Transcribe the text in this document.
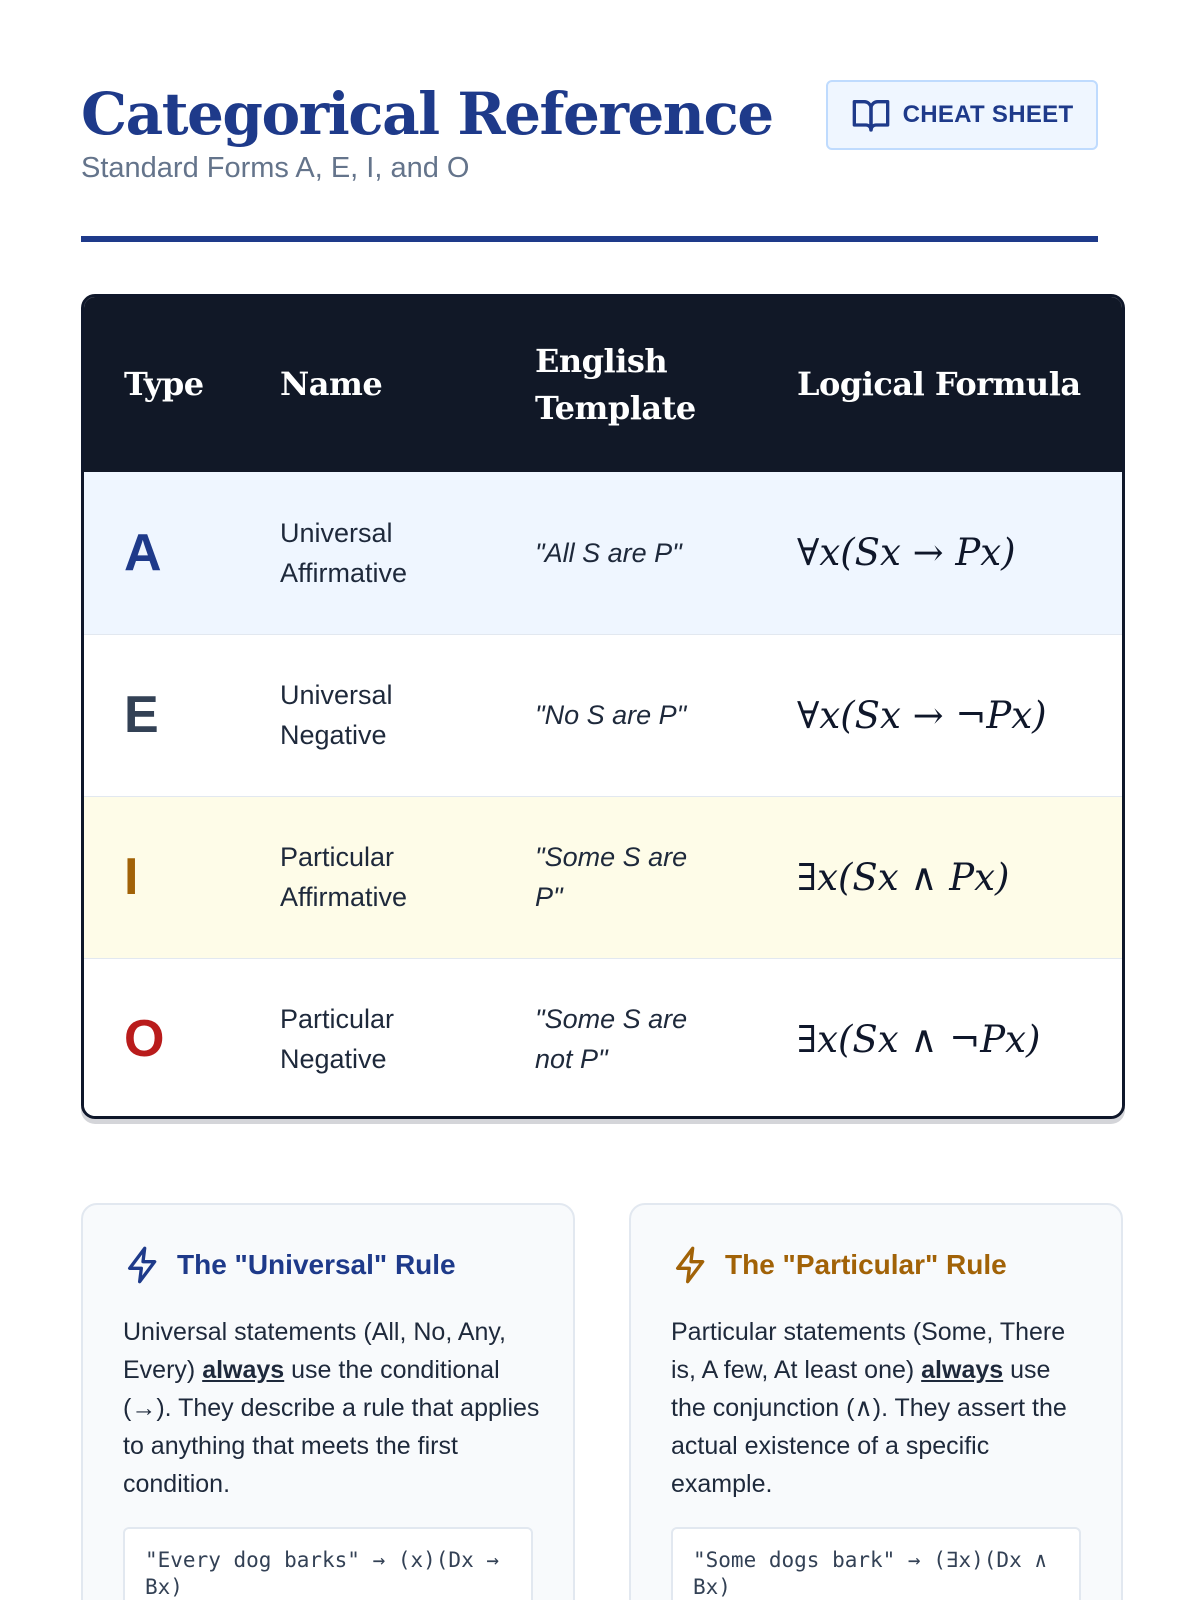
Categorical Reference
Standard Forms A, E, I, and O
CHEAT SHEET
Type	Name	English Template	Logical Formula
A	Universal Affirmative	"All S are P"	∀x(Sx → Px)
E	Universal Negative	"No S are P"	∀x(Sx → ¬Px)
I	Particular Affirmative	"Some S are P"	∃x(Sx ∧ Px)
O	Particular Negative	"Some S are not P"	∃x(Sx ∧ ¬Px)
The "Universal" Rule

Universal statements (All, No, Any, Every) always use the conditional (→). They describe a rule that applies to anything that meets the first condition.

"Every dog barks" → (x)(Dx → Bx)
The "Particular" Rule

Particular statements (Some, There is, A few, At least one) always use the conjunction (∧). They assert the actual existence of a specific example.

"Some dogs bark" → (∃x)(Dx ∧ Bx)
